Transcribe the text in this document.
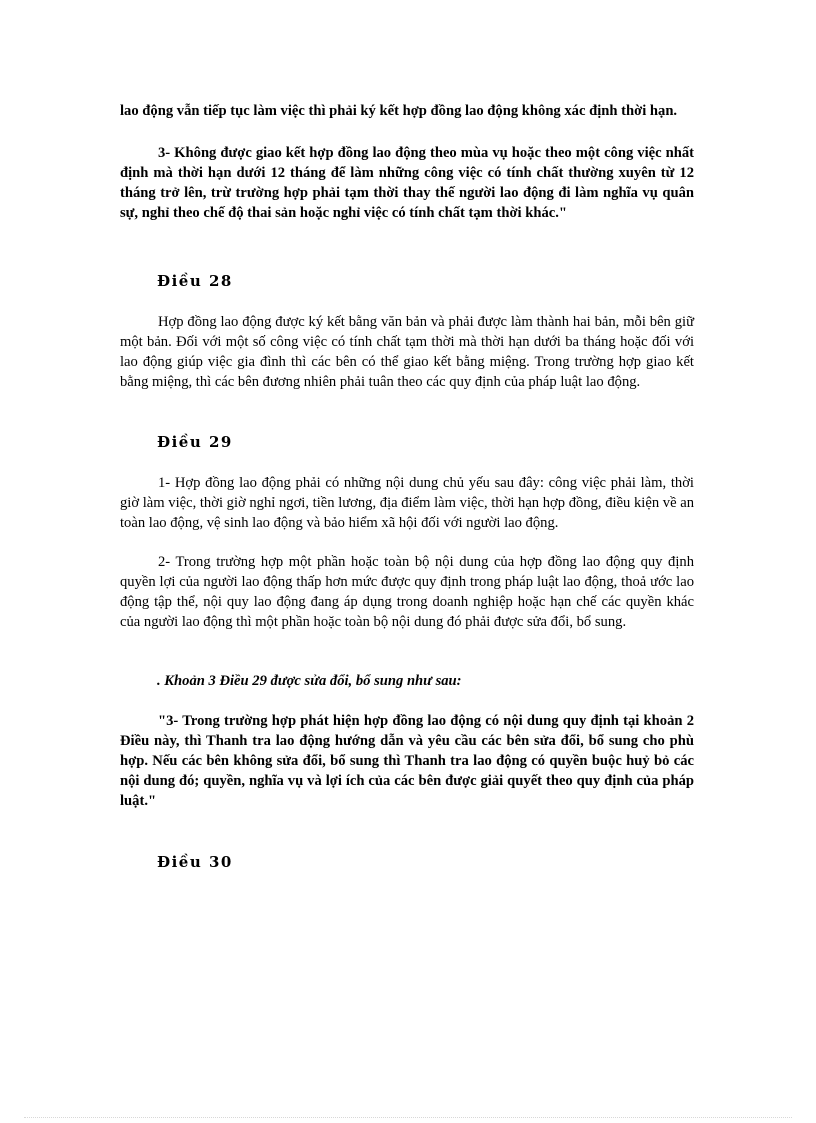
lao động vẫn tiếp tục làm việc thì phải ký kết hợp đồng lao động không xác định thời hạn.

3- Không được giao kết hợp đồng lao động theo mùa vụ hoặc theo một công việc nhất định mà thời hạn dưới 12 tháng để làm những công việc có tính chất thường xuyên từ 12 tháng trở lên, trừ trường hợp phải tạm thời thay thế người lao động đi làm nghĩa vụ quân sự, nghỉ theo chế độ thai sản hoặc nghỉ việc có tính chất tạm thời khác."

Điều 28

Hợp đồng lao động được ký kết bằng văn bản và phải được làm thành hai bản, mỗi bên giữ một bản. Đối với một số công việc có tính chất tạm thời mà thời hạn dưới ba tháng hoặc đối với lao động giúp việc gia đình thì các bên có thể giao kết bằng miệng. Trong trường hợp giao kết bằng miệng, thì các bên đương nhiên phải tuân theo các quy định của pháp luật lao động.

Điều 29

1- Hợp đồng lao động phải có những nội dung chủ yếu sau đây: công việc phải làm, thời giờ làm việc, thời giờ nghỉ ngơi, tiền lương, địa điểm làm việc, thời hạn hợp đồng, điều kiện về an toàn lao động, vệ sinh lao động và bảo hiểm xã hội đối với người lao động.

2- Trong trường hợp một phần hoặc toàn bộ nội dung của hợp đồng lao động quy định quyền lợi của người lao động thấp hơn mức được quy định trong pháp luật lao động, thoả ước lao động tập thể, nội quy lao động đang áp dụng trong doanh nghiệp hoặc hạn chế các quyền khác của người lao động thì một phần hoặc toàn bộ nội dung đó phải được sửa đổi, bổ sung.

. Khoản 3 Điều 29 được sửa đổi, bổ sung như sau:

"3- Trong trường hợp phát hiện hợp đồng lao động có nội dung quy định tại khoản 2 Điều này, thì Thanh tra lao động hướng dẫn và yêu cầu các bên sửa đổi, bổ sung cho phù hợp. Nếu các bên không sửa đổi, bổ sung thì Thanh tra lao động có quyền buộc huỷ bỏ các nội dung đó; quyền, nghĩa vụ và lợi ích của các bên được giải quyết theo quy định của pháp luật."

Điều 30
